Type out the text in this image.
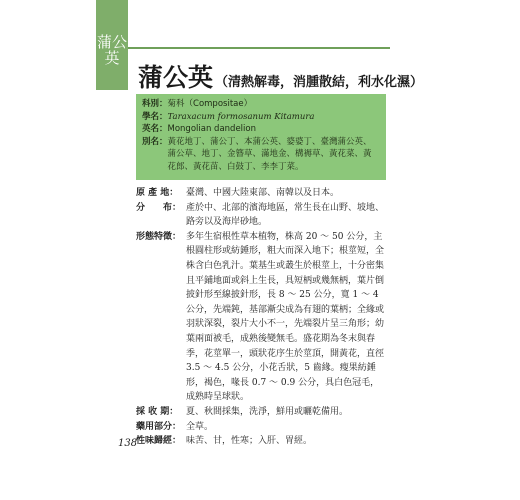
蒲公英
蒲公英 （清熱解毒，消腫散結，利水化濕）
科別： 菊科（Compositae）
學名： Taraxacum formosanum Kitamura
英名： Mongolian dandelion
別名： 黃花地丁、蒲公丁、本蒲公英、婆婆丁、臺灣蒲公英、蒲公草、地丁、金簪草、滿地金、構褥草、黃花菜、黃花郎、黃花苗、白鼓丁、李李丁菜。
原 產 地： 臺灣、中國大陸東部、南韓以及日本。
分　　布： 產於中、北部的濱海地區，常生長在山野、坡地、路旁以及海岸砂地。
形態特徵： 多年生宿根性草本植物，株高 20 ～ 50 公分，主根圓柱形或紡錘形，粗大而深入地下；根莖短，全株含白色乳汁。葉基生或叢生於根莖上，十分密集且平鋪地面或斜上生長，具短柄或幾無柄，葉片倒披針形至線披針形，長 8 ～ 25 公分，寬 1 ～ 4 公分，先端鈍，基部漸尖成為有翅的葉柄；全緣或羽狀深裂，裂片大小不一，先端裂片呈三角形；幼葉兩面被毛，成熟後變無毛。盛花期為冬末與春季，花莖單一，頭狀花序生於莖頂，開黃花，直徑 3.5 ～ 4.5 公分，小花舌狀，5 齒緣。瘦果紡錘形，褐色，喙長 0.7 ～ 0.9 公分，具白色冠毛，成熟時呈球狀。
採 收 期： 夏、秋間採集，洗淨，鮮用或曬乾備用。
藥用部分： 全草。
性味歸經： 味苦、甘，性寒；入肝、胃經。
138
